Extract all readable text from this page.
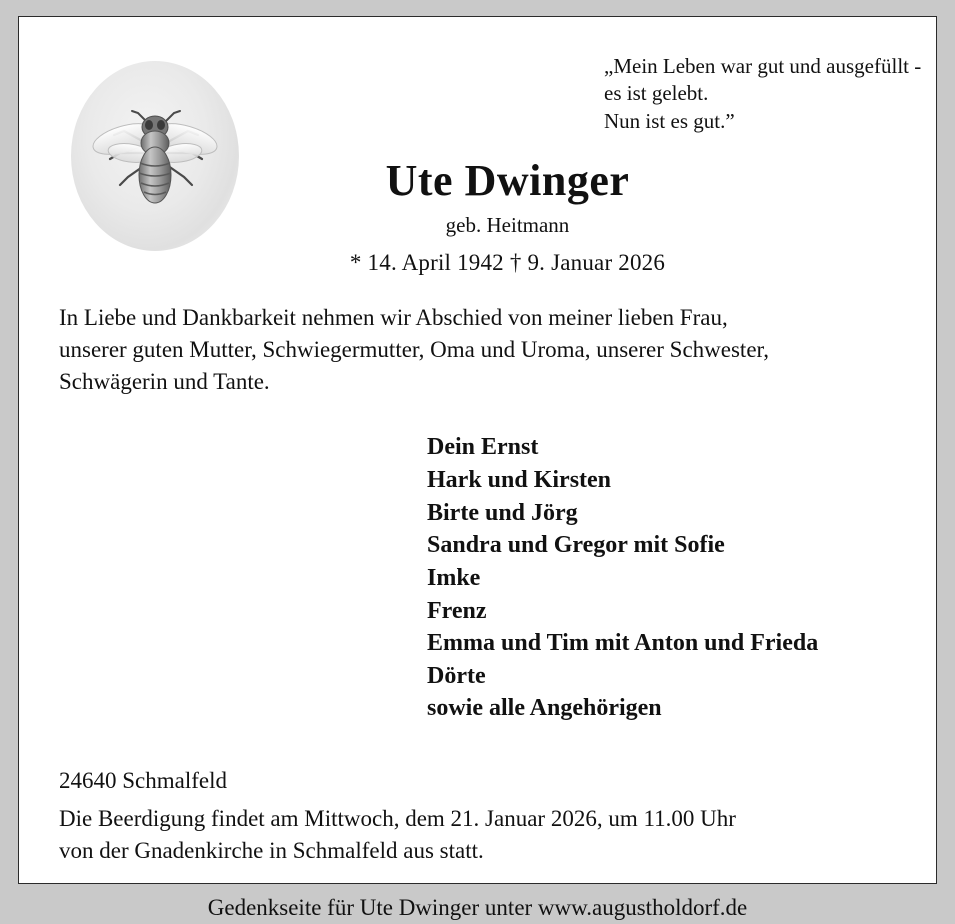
„Mein Leben war gut und ausgefüllt -
es ist gelebt.
Nun ist es gut.”
Ute Dwinger
geb. Heitmann
* 14. April 1942 † 9. Januar 2026
In Liebe und Dankbarkeit nehmen wir Abschied von meiner lieben Frau,
unserer guten Mutter, Schwiegermutter, Oma und Uroma, unserer Schwester,
Schwägerin und Tante.
Dein Ernst
Hark und Kirsten
Birte und Jörg
Sandra und Gregor mit Sofie
Imke
Frenz
Emma und Tim mit Anton und Frieda
Dörte
sowie alle Angehörigen
24640 Schmalfeld
Die Beerdigung findet am Mittwoch, dem 21. Januar 2026, um 11.00 Uhr
von der Gnadenkirche in Schmalfeld aus statt.
Gedenkseite für Ute Dwinger unter www.augustholdorf.de
